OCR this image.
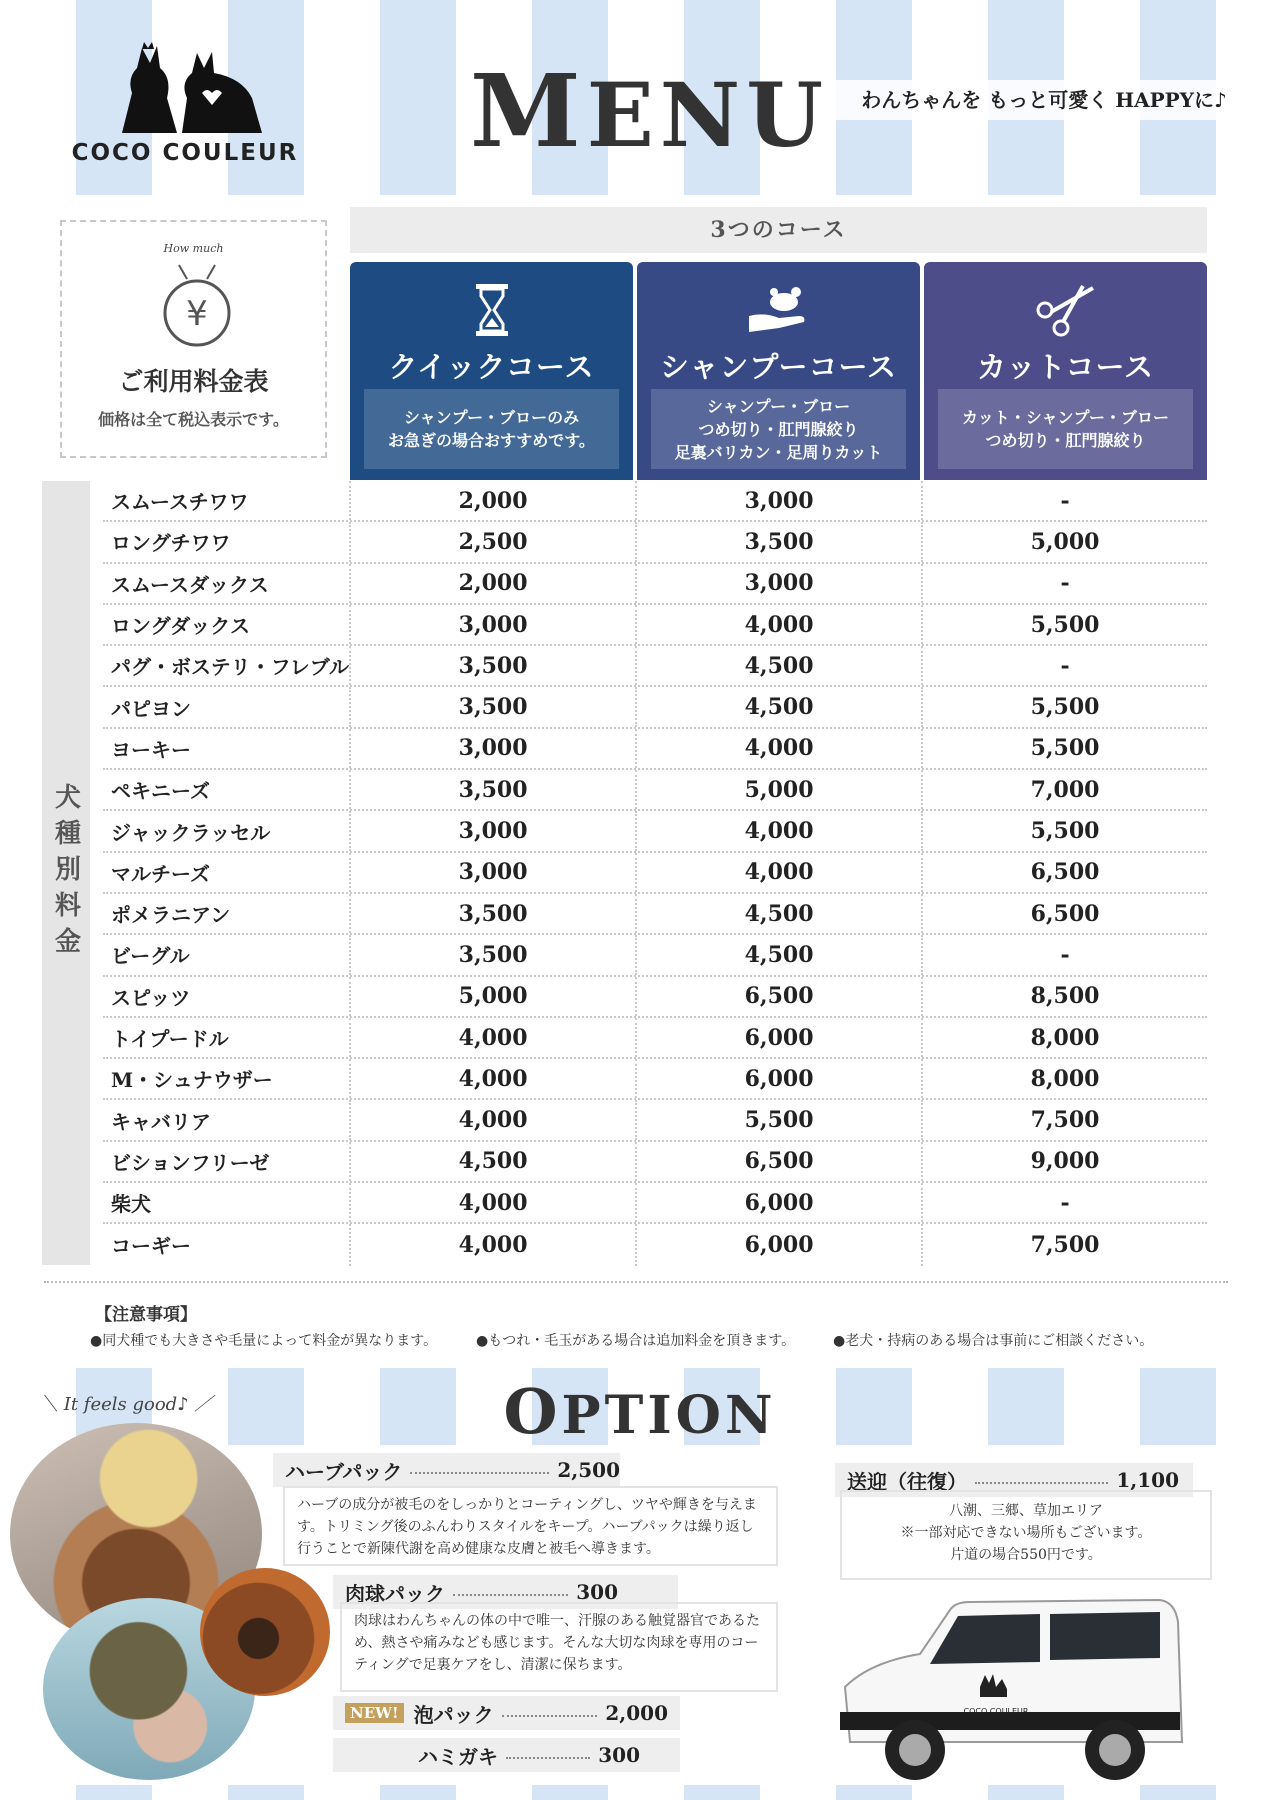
COCO COULEUR MENU	わんちゃんを もっと可愛く HAPPYに♪
How much
¥
ご利用料金表
価格は全て税込表示です。
3つのコース
クイックコース
シャンプー・ブローのみ
お急ぎの場合おすすめです。
シャンプーコース
シャンプー・ブロー
つめ切り・肛門腺絞り
足裏バリカン・足周りカット
カットコース
カット・シャンプー・ブロー
つめ切り・肛門腺絞り
犬種別料金
スムースチワワ	2,000	3,000	-
ロングチワワ	2,500	3,500	5,000
スムースダックス	2,000	3,000	-
ロングダックス	3,000	4,000	5,500
パグ・ボステリ・フレブル	3,500	4,500	-
パピヨン	3,500	4,500	5,500
ヨーキー	3,000	4,000	5,500
ペキニーズ	3,500	5,000	7,000
ジャックラッセル	3,000	4,000	5,500
マルチーズ	3,000	4,000	6,500
ポメラニアン	3,500	4,500	6,500
ビーグル	3,500	4,500	-
スピッツ	5,000	6,500	8,500
トイプードル	4,000	6,000	8,000
M・シュナウザー	4,000	6,000	8,000
キャバリア	4,000	5,500	7,500
ビションフリーゼ	4,500	6,500	9,000
柴犬	4,000	6,000	-
コーギー	4,000	6,000	7,500
【注意事項】
●同犬種でも大きさや毛量によって料金が異なります。	●もつれ・毛玉がある場合は追加料金を頂きます。	●老犬・持病のある場合は事前にご相談ください。
＼ It feels good♪ ／	OPTION
ハーブパック	2,500
ハーブの成分が被毛のをしっかりとコーティングし、ツヤや輝きを与えます。トリミング後のふんわりスタイルをキープ。ハーブパックは繰り返し行うことで新陳代謝を高め健康な皮膚と被毛へ導きます。
肉球パック	300
肉球はわんちゃんの体の中で唯一、汗腺のある触覚器官であるため、熱さや痛みなども感じます。そんな大切な肉球を専用のコーティングで足裏ケアをし、清潔に保ちます。
NEW! 泡パック	2,000
ハミガキ	300
送迎（往復）	1,100
八潮、三郷、草加エリア
※一部対応できない場所もございます。
片道の場合550円です。
COCO COULEUR
